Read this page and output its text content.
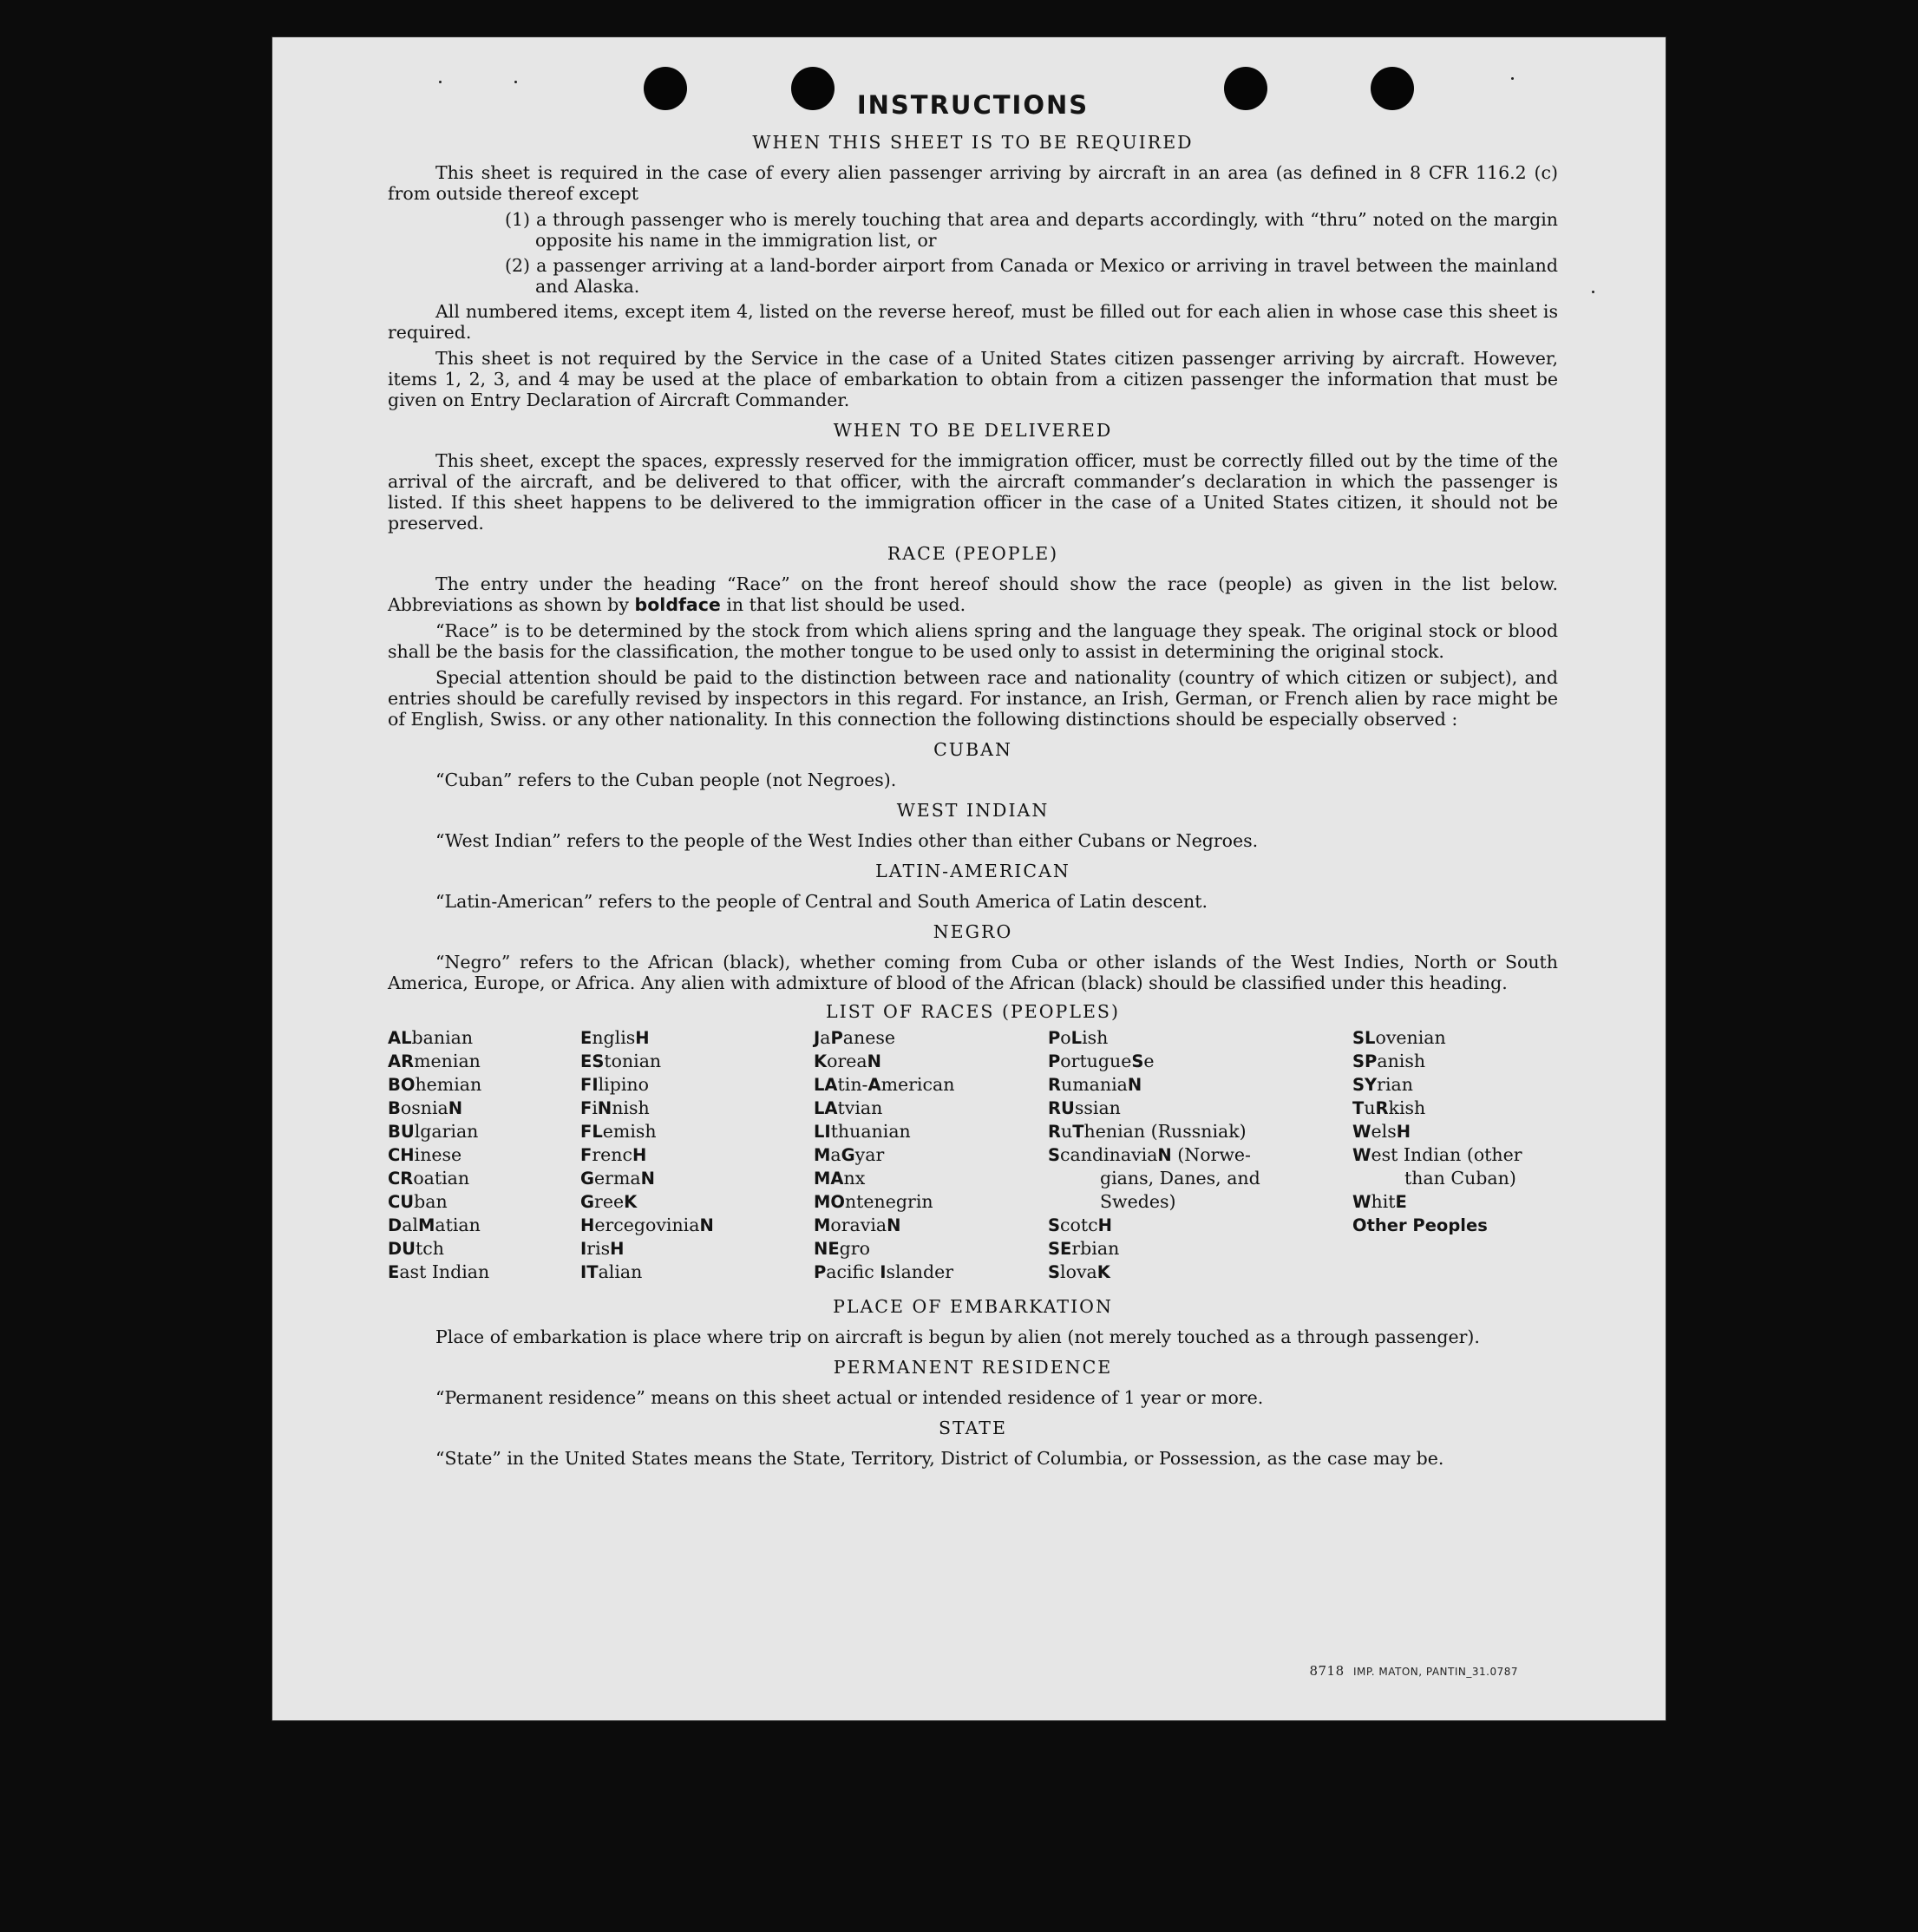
INSTRUCTIONS
WHEN THIS SHEET IS TO BE REQUIRED

This sheet is required in the case of every alien passenger arriving by aircraft in an area (as defined in 8 CFR 116.2 (c) from outside thereof except

(1) a through passenger who is merely touching that area and departs accordingly, with “thru” noted on the margin opposite his name in the immigration list, or

(2) a passenger arriving at a land-border airport from Canada or Mexico or arriving in travel between the mainland and Alaska.

All numbered items, except item 4, listed on the reverse hereof, must be filled out for each alien in whose case this sheet is required.

This sheet is not required by the Service in the case of a United States citizen passenger arriving by aircraft. However, items 1, 2, 3, and 4 may be used at the place of embarkation to obtain from a citizen passenger the information that must be given on Entry Declaration of Aircraft Commander.

WHEN TO BE DELIVERED

This sheet, except the spaces, expressly reserved for the immigration officer, must be correctly filled out by the time of the arrival of the aircraft, and be delivered to that officer, with the aircraft commander’s declaration in which the passenger is listed. If this sheet happens to be delivered to the immigration officer in the case of a United States citizen, it should not be preserved.

RACE (PEOPLE)

The entry under the heading “Race” on the front hereof should show the race (people) as given in the list below. Abbreviations as shown by boldface in that list should be used.

“Race” is to be determined by the stock from which aliens spring and the language they speak. The original stock or blood shall be the basis for the classification, the mother tongue to be used only to assist in determining the original stock.

Special attention should be paid to the distinction between race and nationality (country of which citizen or subject), and entries should be carefully revised by inspectors in this regard. For instance, an Irish, German, or French alien by race might be of English, Swiss. or any other nationality. In this connection the following distinctions should be especially observed :

CUBAN

“Cuban” refers to the Cuban people (not Negroes).

WEST INDIAN

“West Indian” refers to the people of the West Indies other than either Cubans or Negroes.

LATIN-AMERICAN

“Latin-American” refers to the people of Central and South America of Latin descent.

NEGRO

“Negro” refers to the African (black), whether coming from Cuba or other islands of the West Indies, North or South America, Europe, or Africa. Any alien with admixture of blood of the African (black) should be classified under this heading.

LIST OF RACES (PEOPLES)
ALbanian
ARmenian
BOhemian
BosniaN
BUlgarian
CHinese
CRoatian
CUban
DalMatian
DUtch
East Indian
EnglisH
EStonian
FIlipino
FiNnish
FLemish
FrencH
GermaN
GreeK
HercegoviniaN
IrisH
ITalian
JaPanese
KoreaN
LAtin-American
LAtvian
LIthuanian
MaGyar
MAnx
MOntenegrin
MoraviaN
NEgro
Pacific Islander
PoLish
PortugueSe
RumaniaN
RUssian
RuThenian (Russniak)
ScandinaviaN (Norwe-
gians, Danes, and
Swedes)
ScotcH
SErbian
SlovaK
SLovenian
SPanish
SYrian
TuRkish
WelsH
West Indian (other
than Cuban)
WhitE
Other Peoples
PLACE OF EMBARKATION

Place of embarkation is place where trip on aircraft is begun by alien (not merely touched as a through passenger).

PERMANENT RESIDENCE

“Permanent residence” means on this sheet actual or intended residence of 1 year or more.

STATE

“State” in the United States means the State, Territory, District of Columbia, or Possession, as the case may be.

8718 IMP. MATON, PANTIN_31.0787
